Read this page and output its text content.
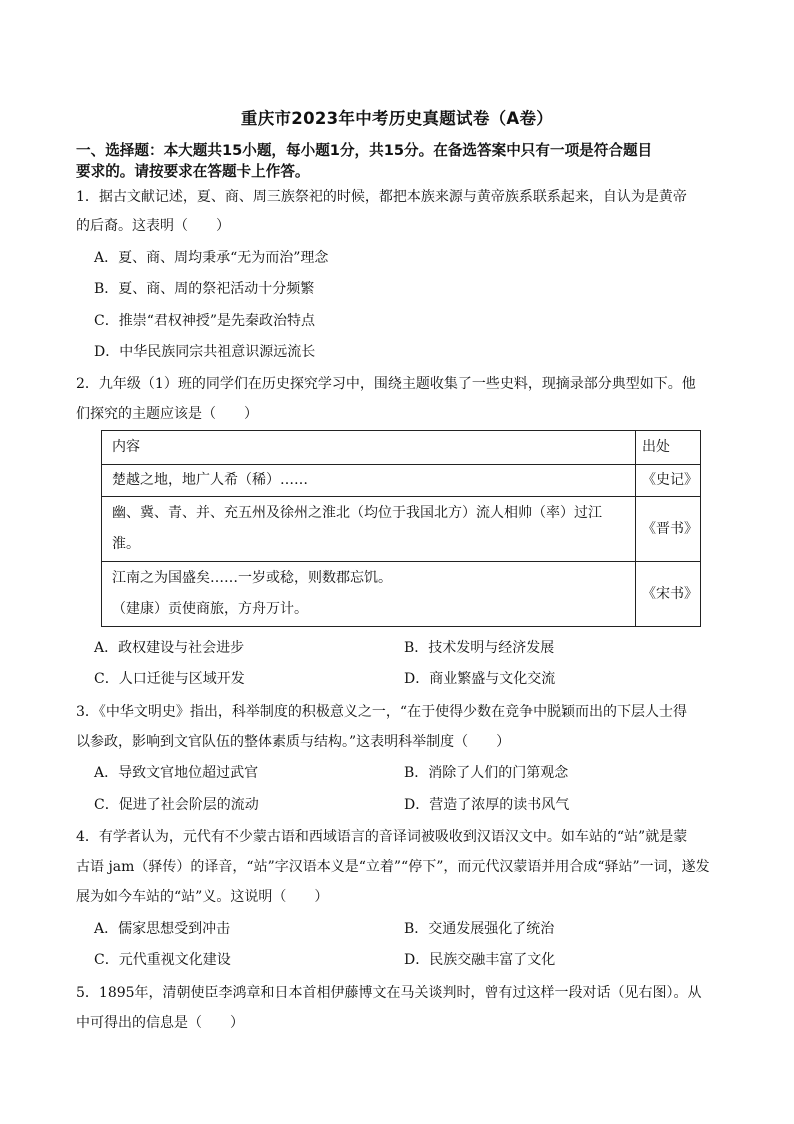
重庆市2023年中考历史真题试卷（A卷）
一、选择题：本大题共15小题，每小题1分，共15分。在备选答案中只有一项是符合题目
要求的。请按要求在答题卡上作答。
1．据古文献记述，夏、商、周三族祭祀的时候，都把本族来源与黄帝族系联系起来，自认为是黄帝
的后裔。这表明（　　）
A．夏、商、周均秉承“无为而治”理念
B．夏、商、周的祭祀活动十分频繁
C．推崇“君权神授”是先秦政治特点
D．中华民族同宗共祖意识源远流长
2．九年级（1）班的同学们在历史探究学习中，围绕主题收集了一些史料，现摘录部分典型如下。他
们探究的主题应该是（　　）
内容	出处

楚越之地，地广人希（稀）……	《史记》

幽、冀、青、并、充五州及徐州之淮北（均位于我国北方）流人相帅（率）过江
淮。	《晋书》

江南之为国盛矣……一岁或稔，则数郡忘饥。
（建康）贡使商旅，方舟万计。	《宋书》
A．政权建设与社会进步	B．技术发明与经济发展
C．人口迁徙与区域开发	D．商业繁盛与文化交流
3．《中华文明史》指出，科举制度的积极意义之一，“在于使得少数在竞争中脱颖而出的下层人士得
以参政，影响到文官队伍的整体素质与结构。”这表明科举制度（　　）
A．导致文官地位超过武官	B．消除了人们的门第观念
C．促进了社会阶层的流动	D．营造了浓厚的读书风气
4．有学者认为，元代有不少蒙古语和西域语言的音译词被吸收到汉语汉文中。如车站的“站”就是蒙
古语 jam（驿传）的译音，“站”字汉语本义是“立着”“停下”，而元代汉蒙语并用合成“驿站”一词，遂发
展为如今车站的“站”义。这说明（　　）
A．儒家思想受到冲击	B．交通发展强化了统治
C．元代重视文化建设	D．民族交融丰富了文化
5．1895年，清朝使臣李鸿章和日本首相伊藤博文在马关谈判时，曾有过这样一段对话（见右图）。从
中可得出的信息是（　　）
